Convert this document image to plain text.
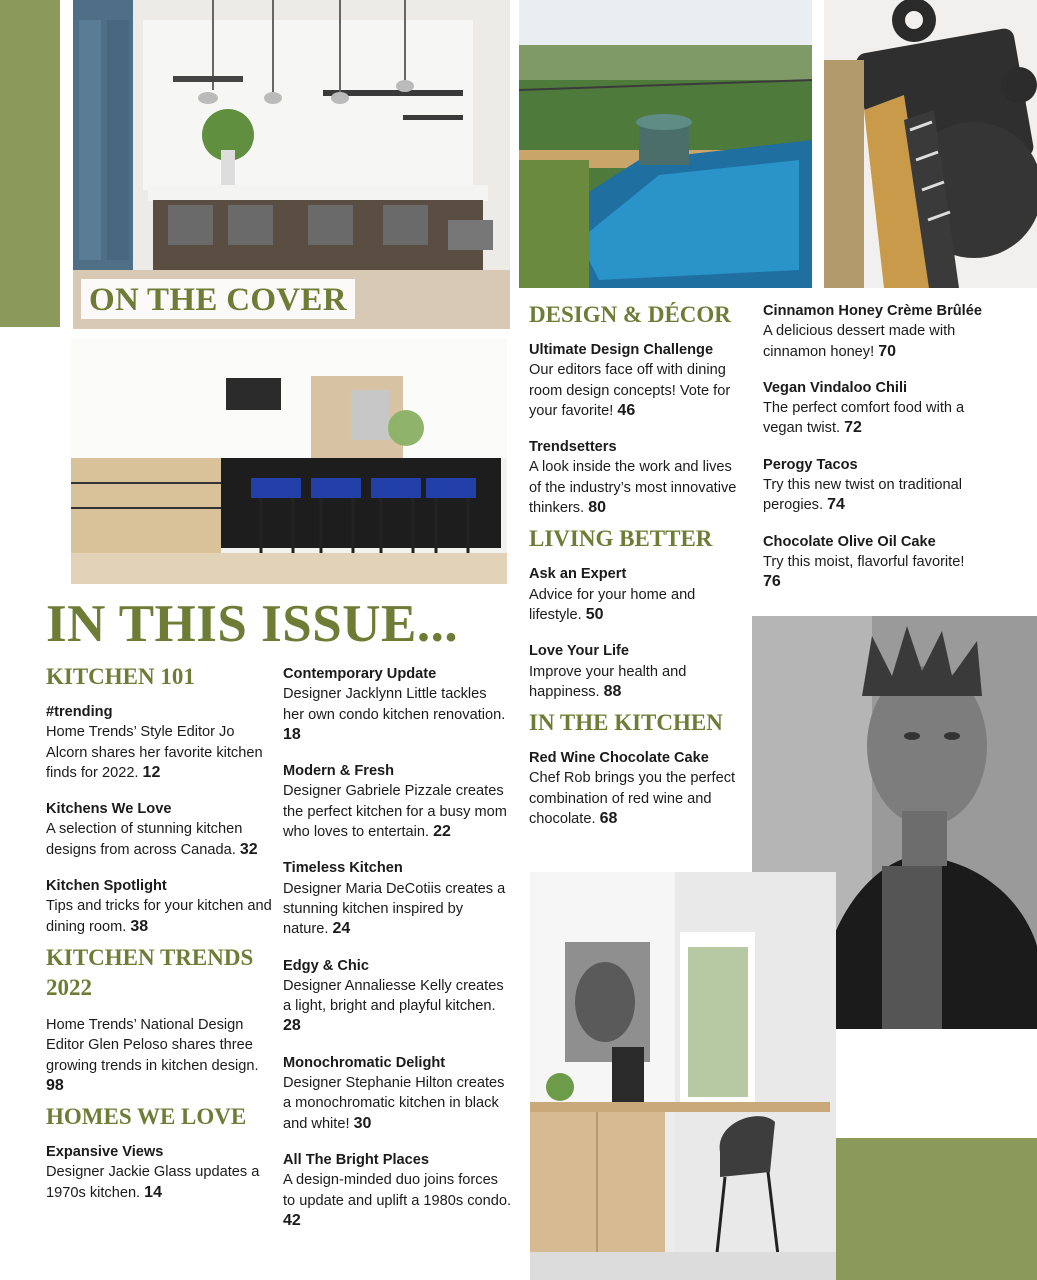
ON THE COVER
IN THIS ISSUE...
KITCHEN 101
#trending
Home Trends’ Style Editor Jo Alcorn shares her favorite kitchen finds for 2022. 12
Kitchens We Love
A selection of stunning kitchen designs from across Canada. 32
Kitchen Spotlight
Tips and tricks for your kitchen and dining room. 38
KITCHEN TRENDS 2022
Home Trends’ National Design Editor Glen Peloso shares three growing trends in kitchen design.
98
HOMES WE LOVE
Expansive Views
Designer Jackie Glass updates a 1970s kitchen. 14
Contemporary Update
Designer Jacklynn Little tackles her own condo kitchen renovation. 18
Modern & Fresh
Designer Gabriele Pizzale creates the perfect kitchen for a busy mom who loves to entertain. 22
Timeless Kitchen
Designer Maria DeCotiis creates a stunning kitchen inspired by nature. 24
Edgy & Chic
Designer Annaliesse Kelly creates a light, bright and playful kitchen. 28
Monochromatic Delight
Designer Stephanie Hilton creates a monochromatic kitchen in black and white! 30
All The Bright Places
A design-minded duo joins forces to update and uplift a 1980s condo. 42
DESIGN & DÉCOR
Ultimate Design Challenge
Our editors face off with dining room design concepts! Vote for your favorite! 46
Trendsetters
A look inside the work and lives of the industry’s most innovative thinkers. 80
LIVING BETTER
Ask an Expert
Advice for your home and lifestyle. 50
Love Your Life
Improve your health and happiness. 88
IN THE KITCHEN
Red Wine Chocolate Cake
Chef Rob brings you the perfect combination of red wine and chocolate. 68
Cinnamon Honey Crème Brûlée
A delicious dessert made with cinnamon honey! 70
Vegan Vindaloo Chili
The perfect comfort food with a vegan twist. 72
Perogy Tacos
Try this new twist on traditional perogies. 74
Chocolate Olive Oil Cake
Try this moist, flavorful favorite!
76
